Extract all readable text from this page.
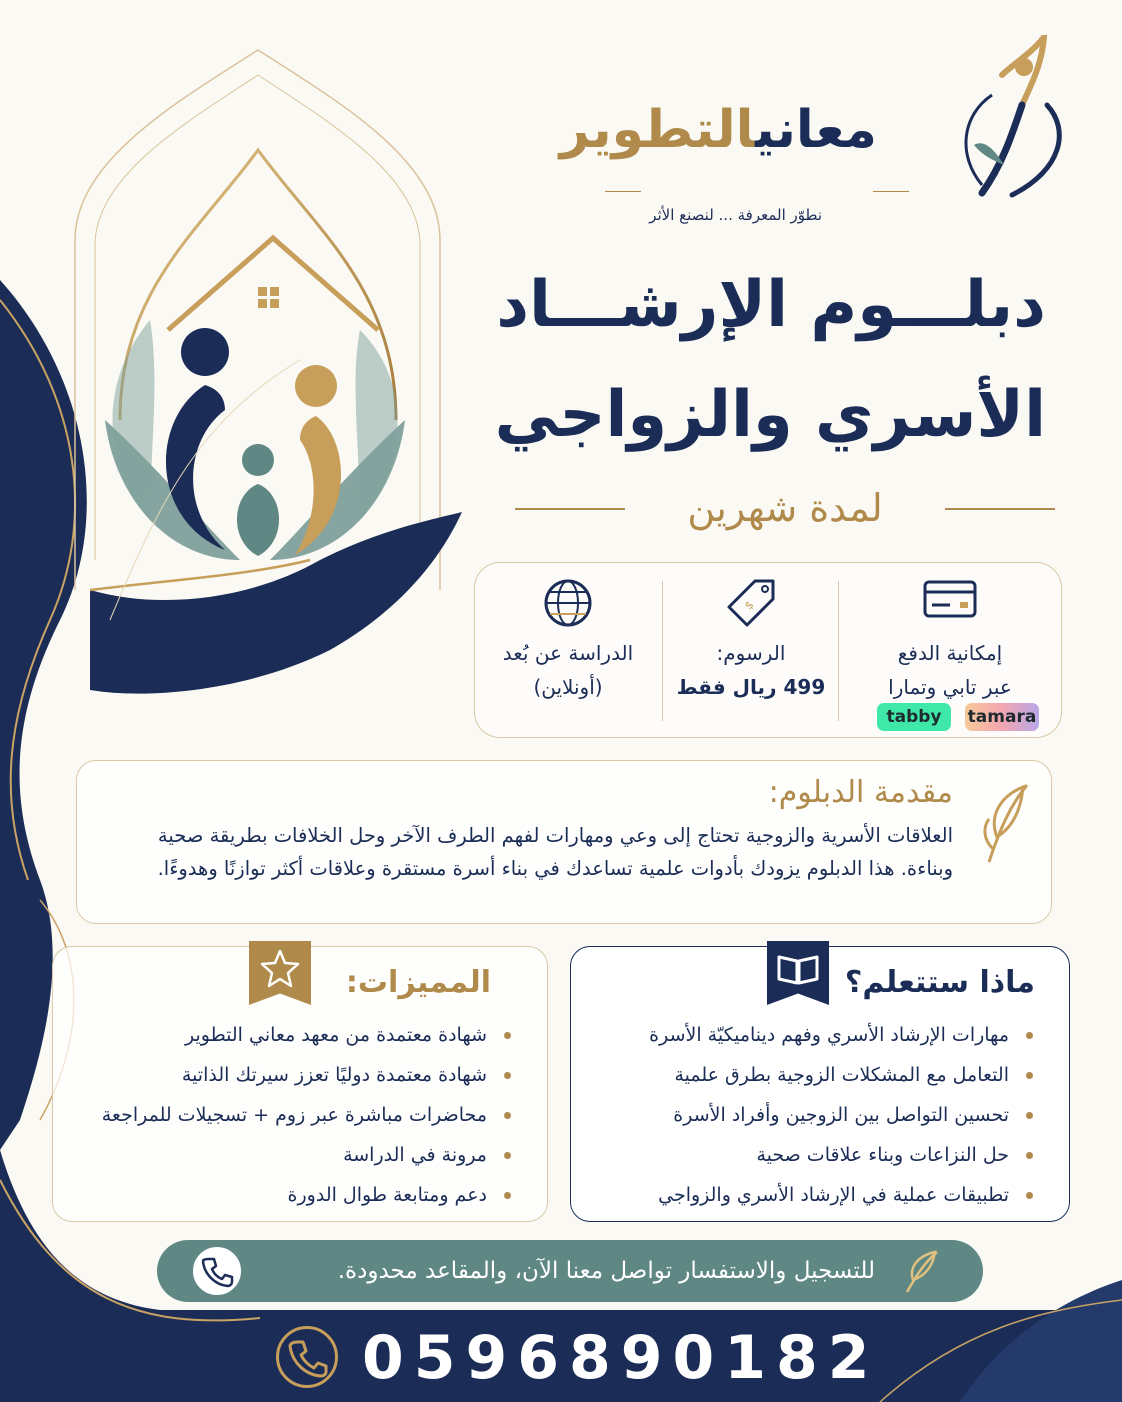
معانيالتطوير
نطوّر المعرفة ... لنصنع الأثر
دبلـــوم الإرشـــاد
الأسري والزواجي
لمدة شهرين
إمكانية الدفع
عبر تابي وتمارا
$
الرسوم:
499 ريال فقط
الدراسة عن بُعد
(أونلاين)
tabby	tamara
مقدمة الدبلوم:
العلاقات الأسرية والزوجية تحتاج إلى وعي ومهارات لفهم الطرف الآخر وحل الخلافات بطريقة صحية وبناءة. هذا الدبلوم يزودك بأدوات علمية تساعدك في بناء أسرة مستقرة وعلاقات أكثر توازنًا وهدوءًا.
ماذا ستتعلم؟
مهارات الإرشاد الأسري وفهم ديناميكيّة الأسرة
التعامل مع المشكلات الزوجية بطرق علمية
تحسين التواصل بين الزوجين وأفراد الأسرة
حل النزاعات وبناء علاقات صحية
تطبيقات عملية في الإرشاد الأسري والزواجي
المميزات:
شهادة معتمدة من معهد معاني التطوير
شهادة معتمدة دوليًا تعزز سيرتك الذاتية
محاضرات مباشرة عبر زوم + تسجيلات للمراجعة
مرونة في الدراسة
دعم ومتابعة طوال الدورة
للتسجيل والاستفسار تواصل معنا الآن، والمقاعد محدودة.
0596890182
